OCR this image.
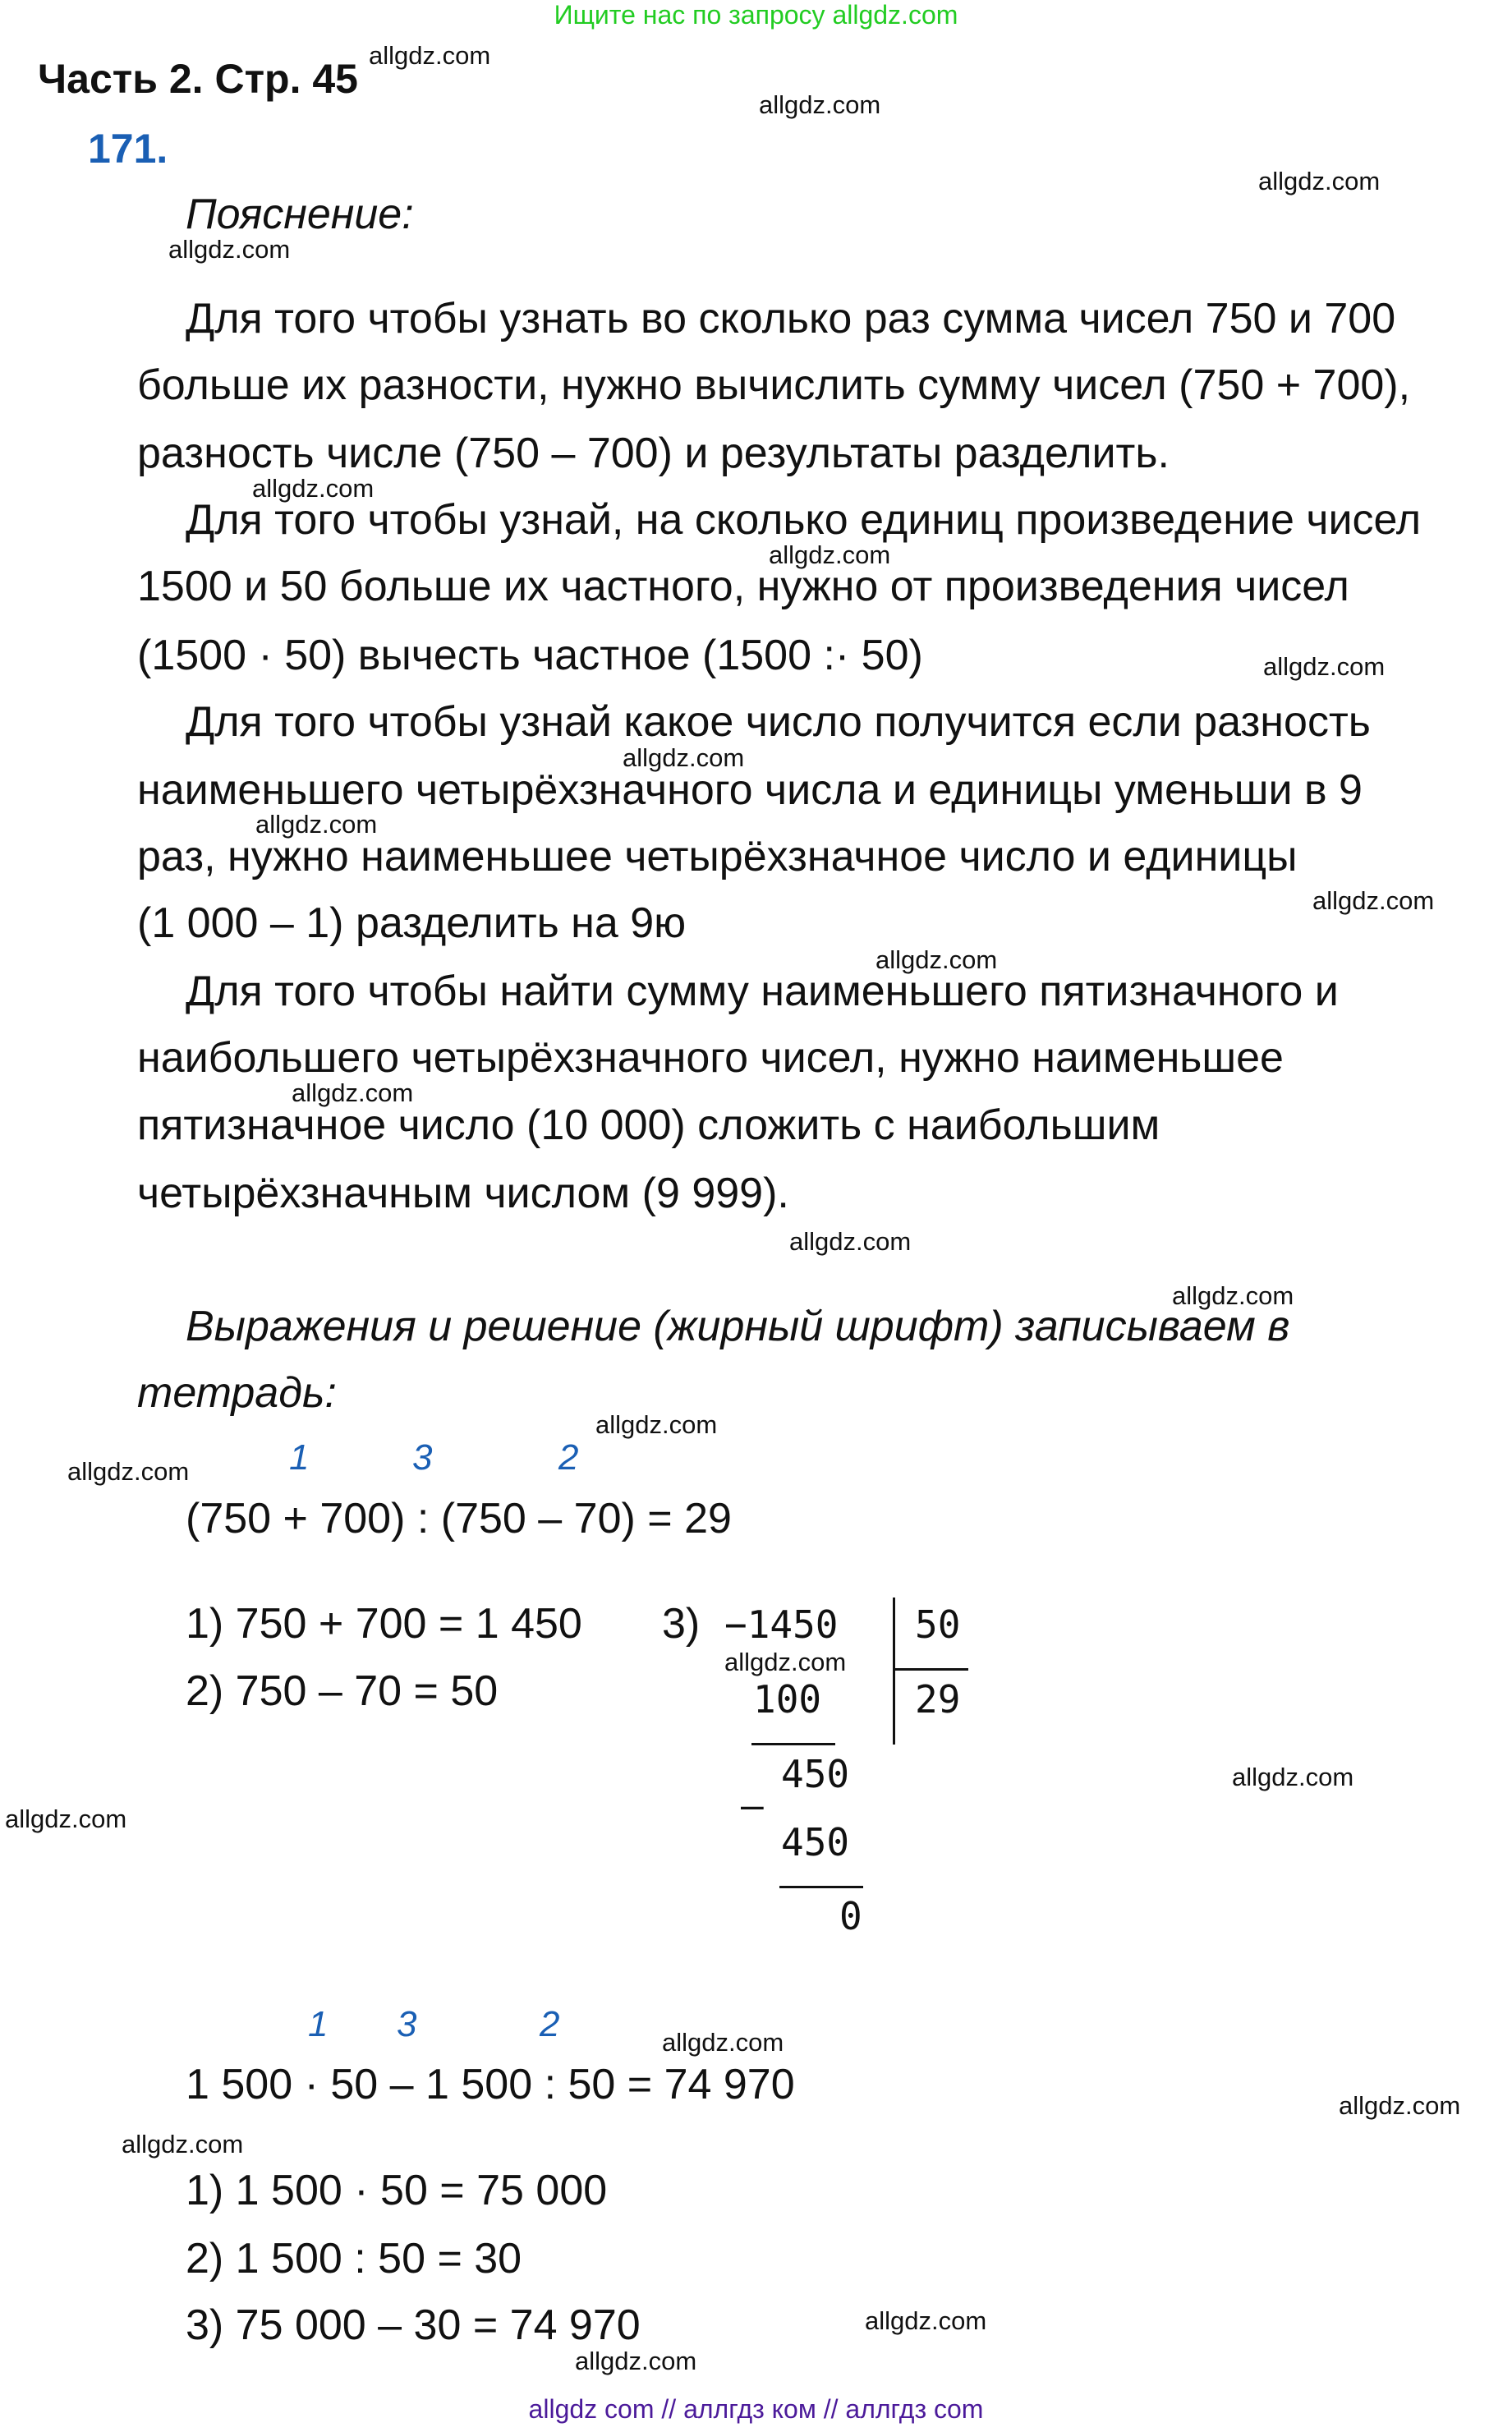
Ищите нас по запросу allgdz.com
Часть 2. Стр. 45
171.
Пояснение:
Для того чтобы узнать во сколько раз сумма чисел 750 и 700
больше их разности, нужно вычислить сумму чисел (750 + 700),
разность числе (750 – 700) и результаты разделить.
Для того чтобы узнай, на сколько единиц произведение чисел
1500 и 50 больше их частного, нужно от произведения чисел
(1500 · 50) вычесть частное (1500 :· 50)
Для того чтобы узнай какое число получится если разность
наименьшего четырёхзначного числа и единицы уменьши в 9
раз, нужно наименьшее четырёхзначное число и единицы
(1 000 – 1) разделить на 9ю
Для того чтобы найти сумму наименьшего пятизначного и
наибольшего четырёхзначного чисел, нужно наименьшее
пятизначное число (10 000) сложить с наибольшим
четырёхзначным числом (9 999).
Выражения и решение (жирный шрифт) записываем в
тетрадь:
1	3	2
(750 + 700) : (750 – 70) = 29
1) 750 + 700 = 1 450
2) 750 – 70 = 50
3) −1450 50
29
100
450
–
450
0
1 3	2
1 500 · 50 – 1 500 : 50 = 74 970
1) 1 500 · 50 = 75 000
2) 1 500 : 50 = 30
3) 75 000 – 30 = 74 970
allgdz com // аллгдз ком // аллгдз com
allgdz.com
allgdz.com
allgdz.com
allgdz.com
allgdz.com
allgdz.com
allgdz.com
allgdz.com
allgdz.com
allgdz.com
allgdz.com
allgdz.com
allgdz.com
allgdz.com
allgdz.com
allgdz.com
allgdz.com
allgdz.com
allgdz.com
allgdz.com
allgdz.com
allgdz.com
allgdz.com
allgdz.com
